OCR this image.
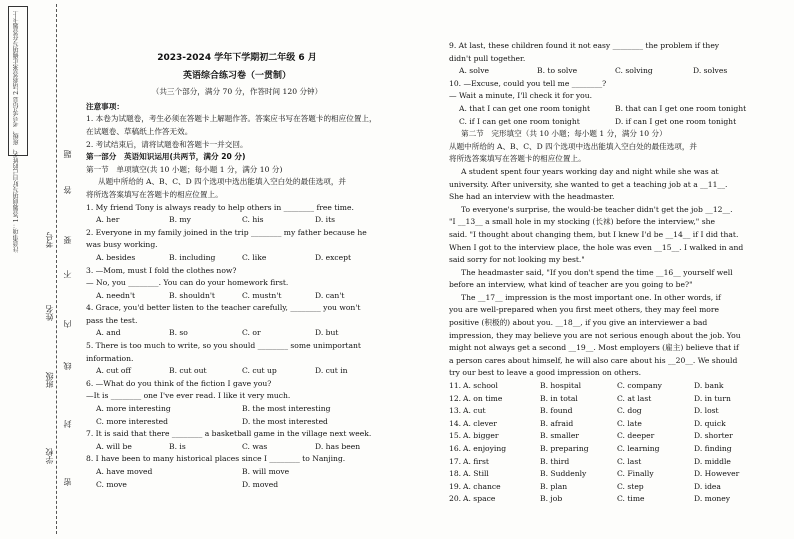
注意事项：1.答题前填写好自己的姓名、班级、考号等信息 2.请将答案正确填写在答题卡上
学校
班级
姓名
考号
密
封
线
内
不
要
答
题
2023-2024 学年下学期初二年级 6 月
英语综合练习卷（一贯制）
（共三个部分，满分 70 分，作答时间 120 分钟）
注意事项：
1. 本卷为试题卷，考生必须在答题卡上解题作答。答案应书写在答题卡的相应位置上，
在试题卷、草稿纸上作答无效。
2. 考试结束后，请将试题卷和答题卡一并交回。
第一部分　英语知识运用(共两节，满分 20 分)
第一节　单项填空(共 10 小题；每小题 1 分，满分 10 分)
从题中所给的 A、B、C、D 四个选项中选出能填入空白处的最佳选项，并
将所选答案填写在答题卡的相应位置上。
1. My friend Tony is always ready to help others in ________ free time.
A. her	B. my	C. his	D. its
2. Everyone in my family joined in the trip ________ my father because he
was busy working.
A. besides	B. including	C. like	D. except
3. —Mom, must I fold the clothes now?
— No, you ________. You can do your homework first.
A. needn't	B. shouldn't	C. mustn't	D. can't
4. Grace, you'd better listen to the teacher carefully, ________ you won't
pass the test.
A. and	B. so	C. or	D. but
5. There is too much to write, so you should ________ some unimportant
information.
A. cut off	B. cut out	C. cut up	D. cut in
6. —What do you think of the fiction I gave you?
—It is ________ one I've ever read. I like it very much.
A. more interesting	B. the most interesting
C. more interested	D. the most interested
7. It is said that there ________ a basketball game in the village next week.
A. will be	B. is	C. was	D. has been
8. I have been to many historical places since I ________ to Nanjing.
A. have moved	B. will move
C. move	D. moved
9. At last, these children found it not easy ________ the problem if they
didn't pull together.
A. solve	B. to solve	C. solving	D. solves
10. —Excuse, could you tell me ________?
— Wait a minute, I'll check it for you.
A. that I can get one room tonight	B. that can I get one room tonight
C. if I can get one room tonight	D. if can I get one room tonight
第二节　完形填空（共 10 小题；每小题 1 分，满分 10 分）
从题中所给的 A、B、C、D 四个选项中选出能填入空白处的最佳选项，并
将所选答案填写在答题卡的相应位置上。
A student spent four years working day and night while she was at
university. After university, she wanted to get a teaching job at a __11__.
She had an interview with the headmaster.
To everyone's surprise, the would-be teacher didn't get the job __12__.
"I __13__ a small hole in my stocking (长袜) before the interview," she
said. "I thought about changing them, but I knew I'd be __14__ if I did that.
When I got to the interview place, the hole was even __15__. I walked in and
said sorry for not looking my best."
The headmaster said, "If you don't spend the time __16__ yourself well
before an interview, what kind of teacher are you going to be?"
The __17__ impression is the most important one. In other words, if
you are well-prepared when you first meet others, they may feel more
positive (积极的) about you. __18__, if you give an interviewer a bad
impression, they may believe you are not serious enough about the job. You
might not always get a second __19__. Most employers (雇主) believe that if
a person cares about himself, he will also care about his __20__. We should
try our best to leave a good impression on others.
11. A. school	B. hospital	C. company	D. bank
12. A. on time	B. in total	C. at last	D. in turn
13. A. cut	B. found	C. dog	D. lost
14. A. clever	B. afraid	C. late	D. quick
15. A. bigger	B. smaller	C. deeper	D. shorter
16. A. enjoying	B. preparing	C. learning	D. finding
17. A. first	B. third	C. last	D. middle
18. A. Still	B. Suddenly	C. Finally	D. However
19. A. chance	B. plan	C. step	D. idea
20. A. space	B. job	C. time	D. money
